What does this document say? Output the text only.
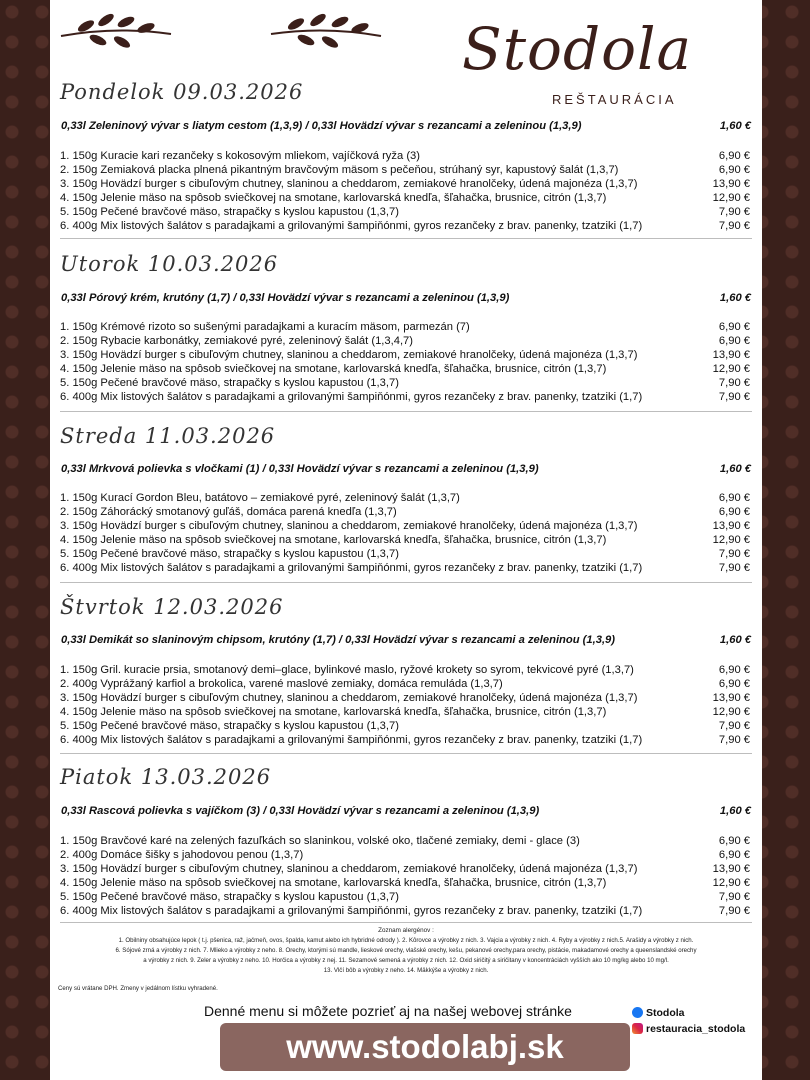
Stodola
REŠTAURÁCIA
Pondelok 09.03.2026
0,33l Zeleninový vývar s liatym cestom (1,3,9) / 0,33l Hovädzí vývar s rezancami a zeleninou (1,3,9)	1,60 €
1. 150g Kuracie kari rezančeky s kokosovým mliekom, vajíčková ryža (3)	6,90 €
2. 150g Zemiaková placka plnená pikantným bravčovým mäsom s pečeňou, strúhaný syr, kapustový šalát (1,3,7)	6,90 €
3. 150g Hovädzí burger s cibuľovým chutney, slaninou a cheddarom, zemiakové hranolčeky, údená majonéza (1,3,7)	13,90 €
4. 150g Jelenie mäso na spôsob sviečkovej na smotane, karlovarská knedľa, šľahačka, brusnice, citrón (1,3,7)	12,90 €
5. 150g Pečené bravčové mäso, strapačky s kyslou kapustou (1,3,7)	7,90 €
6. 400g Mix listových šalátov s paradajkami a grilovanými šampiňónmi, gyros rezančeky z brav. panenky, tzatziki (1,7)	7,90 €
Utorok 10.03.2026
0,33l Pórový krém, krutóny (1,7) / 0,33l Hovädzí vývar s rezancami a zeleninou (1,3,9)	1,60 €
1. 150g Krémové rizoto so sušenými paradajkami a kuracím mäsom, parmezán (7)	6,90 €
2. 150g Rybacie karbonátky, zemiakové pyré, zeleninový šalát (1,3,4,7)	6,90 €
3. 150g Hovädzí burger s cibuľovým chutney, slaninou a cheddarom, zemiakové hranolčeky, údená majonéza (1,3,7)	13,90 €
4. 150g Jelenie mäso na spôsob sviečkovej na smotane, karlovarská knedľa, šľahačka, brusnice, citrón (1,3,7)	12,90 €
5. 150g Pečené bravčové mäso, strapačky s kyslou kapustou (1,3,7)	7,90 €
6. 400g Mix listových šalátov s paradajkami a grilovanými šampiňónmi, gyros rezančeky z brav. panenky, tzatziki (1,7)	7,90 €
Streda 11.03.2026
0,33l Mrkvová polievka s vločkami (1) / 0,33l Hovädzí vývar s rezancami a zeleninou (1,3,9)	1,60 €
1. 150g Kurací Gordon Bleu, batátovo – zemiakové pyré, zeleninový šalát (1,3,7)	6,90 €
2. 150g Záhorácký smotanový guľáš, domáca parená knedľa (1,3,7)	6,90 €
3. 150g Hovädzí burger s cibuľovým chutney, slaninou a cheddarom, zemiakové hranolčeky, údená majonéza (1,3,7)	13,90 €
4. 150g Jelenie mäso na spôsob sviečkovej na smotane, karlovarská knedľa, šľahačka, brusnice, citrón (1,3,7)	12,90 €
5. 150g Pečené bravčové mäso, strapačky s kyslou kapustou (1,3,7)	7,90 €
6. 400g Mix listových šalátov s paradajkami a grilovanými šampiňónmi, gyros rezančeky z brav. panenky, tzatziki (1,7)	7,90 €
Štvrtok 12.03.2026
0,33l Demikát so slaninovým chipsom, krutóny (1,7) / 0,33l Hovädzí vývar s rezancami a zeleninou (1,3,9)	1,60 €
1. 150g Gril. kuracie prsia, smotanový demi–glace, bylinkové maslo, ryžové krokety so syrom, tekvicové pyré (1,3,7)	6,90 €
2. 400g Vyprážaný karfiol a brokolica, varené maslové zemiaky, domáca remuláda (1,3,7)	6,90 €
3. 150g Hovädzí burger s cibuľovým chutney, slaninou a cheddarom, zemiakové hranolčeky, údená majonéza (1,3,7)	13,90 €
4. 150g Jelenie mäso na spôsob sviečkovej na smotane, karlovarská knedľa, šľahačka, brusnice, citrón (1,3,7)	12,90 €
5. 150g Pečené bravčové mäso, strapačky s kyslou kapustou (1,3,7)	7,90 €
6. 400g Mix listových šalátov s paradajkami a grilovanými šampiňónmi, gyros rezančeky z brav. panenky, tzatziki (1,7)	7,90 €
Piatok 13.03.2026
0,33l Rascová polievka s vajíčkom (3) / 0,33l Hovädzí vývar s rezancami a zeleninou (1,3,9)	1,60 €
1. 150g Bravčové karé na zelených fazuľkách so slaninkou, volské oko, tlačené zemiaky, demi - glace (3)	6,90 €
2. 400g Domáce šišky s jahodovou penou (1,3,7)	6,90 €
3. 150g Hovädzí burger s cibuľovým chutney, slaninou a cheddarom, zemiakové hranolčeky, údená majonéza (1,3,7)	13,90 €
4. 150g Jelenie mäso na spôsob sviečkovej na smotane, karlovarská knedľa, šľahačka, brusnice, citrón (1,3,7)	12,90 €
5. 150g Pečené bravčové mäso, strapačky s kyslou kapustou (1,3,7)	7,90 €
6. 400g Mix listových šalátov s paradajkami a grilovanými šampiňónmi, gyros rezančeky z brav. panenky, tzatziki (1,7)	7,90 €
Zoznam alergénov :
1. Obilniny obsahujúce lepok ( t.j. pšenica, raž, jačmeň, ovos, špalda, kamut alebo ich hybridné odrody ). 2. Kôrovce a výrobky z nich. 3. Vajcia a výrobky z nich. 4. Ryby a výrobky z nich.5. Arašidy a výrobky z nich.
6. Sójové zrná a výrobky z nich. 7. Mlieko a výrobky z neho. 8. Orechy, ktorými sú mandle, lieskové orechy, vlašské orechy, kešu, pekanové orechy,para orechy, pistácie, makadamové orechy a queenslandské orechy
a výrobky z nich. 9. Zeler a výrobky z neho. 10. Horčica a výrobky z nej. 11. Sezamové semená a výrobky z nich. 12. Oxid siričitý a siričitany v koncentráciách vyšších ako 10 mg/kg alebo 10 mg/l.
13. Vlčí bôb a výrobky z neho. 14. Mäkkýše a výrobky z nich.
Ceny sú vrátane DPH. Zmeny v jedálnom lístku vyhradené.
Denné menu si môžete pozrieť aj na našej webovej stránke
www.stodolabj.sk
Stodola
restauracia_stodola
